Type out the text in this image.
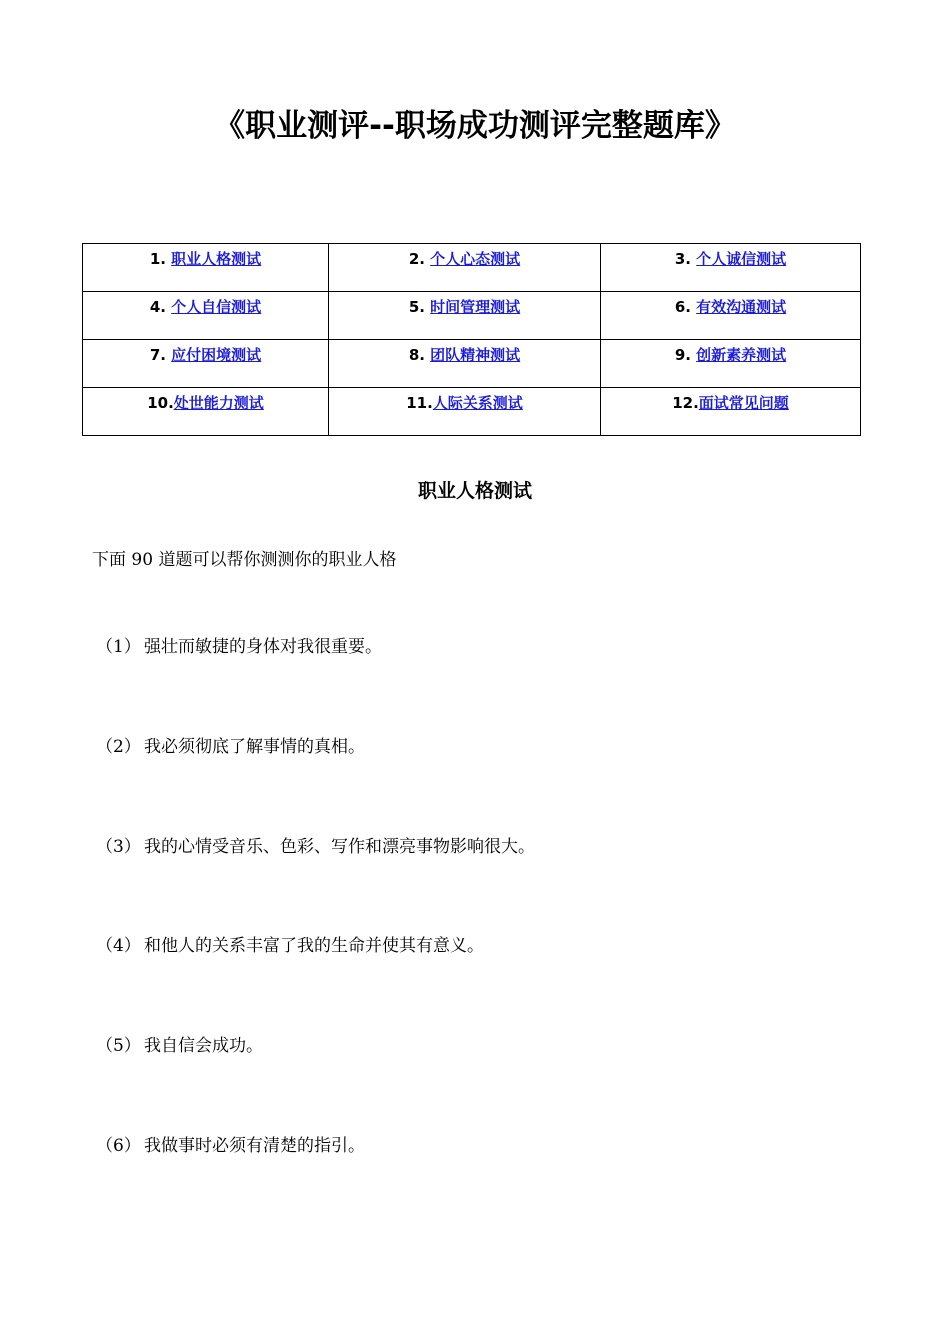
《职业测评--职场成功测评完整题库》
1. 职业人格测试	2. 个人心态测试	3. 个人诚信测试
4. 个人自信测试	5. 时间管理测试	6. 有效沟通测试
7. 应付困境测试	8. 团队精神测试	9. 创新素养测试
10.处世能力测试	11.人际关系测试	12.面试常见问题
职业人格测试

下面 90 道题可以帮你测测你的职业人格

（1） 强壮而敏捷的身体对我很重要。

（2） 我必须彻底了解事情的真相。

（3） 我的心情受音乐、色彩、写作和漂亮事物影响很大。

（4） 和他人的关系丰富了我的生命并使其有意义。

（5） 我自信会成功。

（6） 我做事时必须有清楚的指引。
